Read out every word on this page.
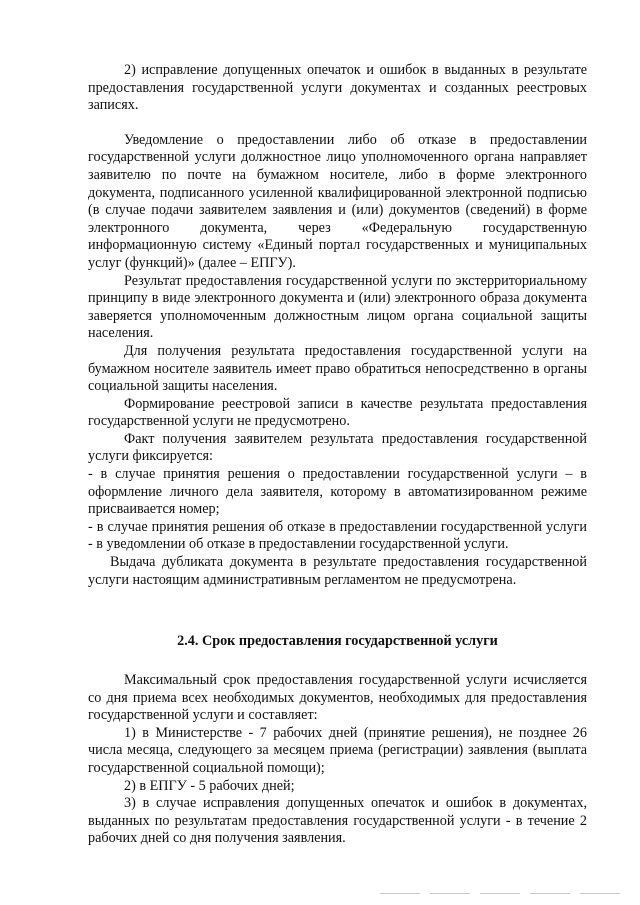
2) исправление допущенных опечаток и ошибок в выданных в результате предоставления государственной услуги документах и созданных реестровых записях.

Уведомление о предоставлении либо об отказе в предоставлении государственной услуги должностное лицо уполномоченного органа направляет заявителю по почте на бумажном носителе, либо в форме электронного документа, подписанного усиленной квалифицированной электронной подписью (в случае подачи заявителем заявления и (или) документов (сведений) в форме электронного документа, через «Федеральную государственную информационную систему «Единый портал государственных и муниципальных услуг (функций)» (далее – ЕПГУ).

Результат предоставления государственной услуги по экстерриториальному принципу в виде электронного документа и (или) электронного образа документа заверяется уполномоченным должностным лицом органа социальной защиты населения.

Для получения результата предоставления государственной услуги на бумажном носителе заявитель имеет право обратиться непосредственно в органы социальной защиты населения.

Формирование реестровой записи в качестве результата предоставления государственной услуги не предусмотрено.

Факт получения заявителем результата предоставления государственной услуги фиксируется:

- в случае принятия решения о предоставлении государственной услуги – в оформление личного дела заявителя, которому в автоматизированном режиме присваивается номер;

- в случае принятия решения об отказе в предоставлении государственной услуги - в уведомлении об отказе в предоставлении государственной услуги.

Выдача дубликата документа в результате предоставления государственной услуги настоящим административным регламентом не предусмотрена.

2.4. Срок предоставления государственной услуги

Максимальный срок предоставления государственной услуги исчисляется со дня приема всех необходимых документов, необходимых для предоставления государственной услуги и составляет:

1) в Министерстве - 7 рабочих дней (принятие решения), не позднее 26 числа месяца, следующего за месяцем приема (регистрации) заявления (выплата государственной социальной помощи);

2) в ЕПГУ - 5 рабочих дней;

3) в случае исправления допущенных опечаток и ошибок в документах, выданных по результатам предоставления государственной услуги - в течение 2 рабочих дней со дня получения заявления.
